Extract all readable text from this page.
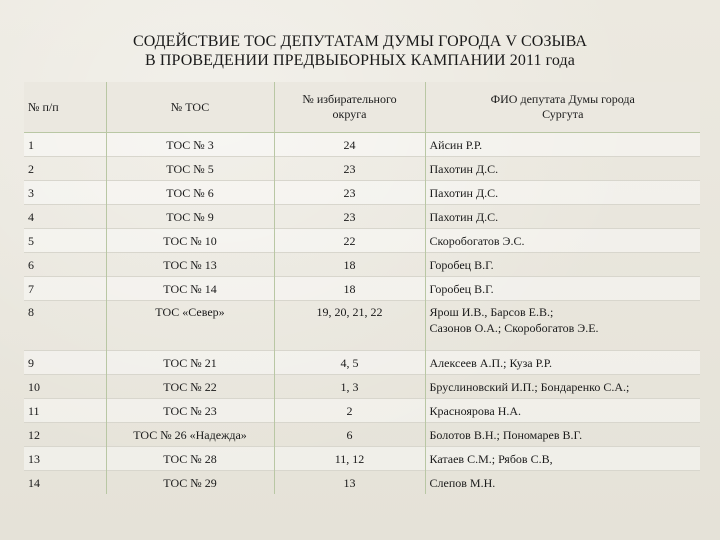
СОДЕЙСТВИЕ ТОС ДЕПУТАТАМ ДУМЫ ГОРОДА V СОЗЫВА
В ПРОВЕДЕНИИ ПРЕДВЫБОРНЫХ КАМПАНИИ 2011 года
№ п/п	№ ТОС	№ избирательного округа	ФИО депутата Думы города Сургута

1	ТОС № 3	24	Айсин Р.Р.
2	ТОС № 5	23	Пахотин Д.С.
3	ТОС № 6	23	Пахотин Д.С.
4	ТОС № 9	23	Пахотин Д.С.
5	ТОС № 10	22	Скоробогатов Э.С.
6	ТОС № 13	18	Горобец В.Г.
7	ТОС № 14	18	Горобец В.Г.
8	ТОС «Север»	19, 20, 21, 22	Ярош И.В., Барсов Е.В.;
Сазонов О.А.; Скоробогатов Э.Е.

9	ТОС № 21	4, 5	Алексеев А.П.; Куза Р.Р.
10	ТОС № 22	1, 3	Бруслиновский И.П.; Бондаренко С.А.;
11	ТОС № 23	2	Красноярова Н.А.
12	ТОС № 26 «Надежда»	6	Болотов В.Н.; Пономарев В.Г.
13	ТОС № 28	11, 12	Катаев С.М.; Рябов С.В,
14	ТОС № 29	13	Слепов М.Н.
